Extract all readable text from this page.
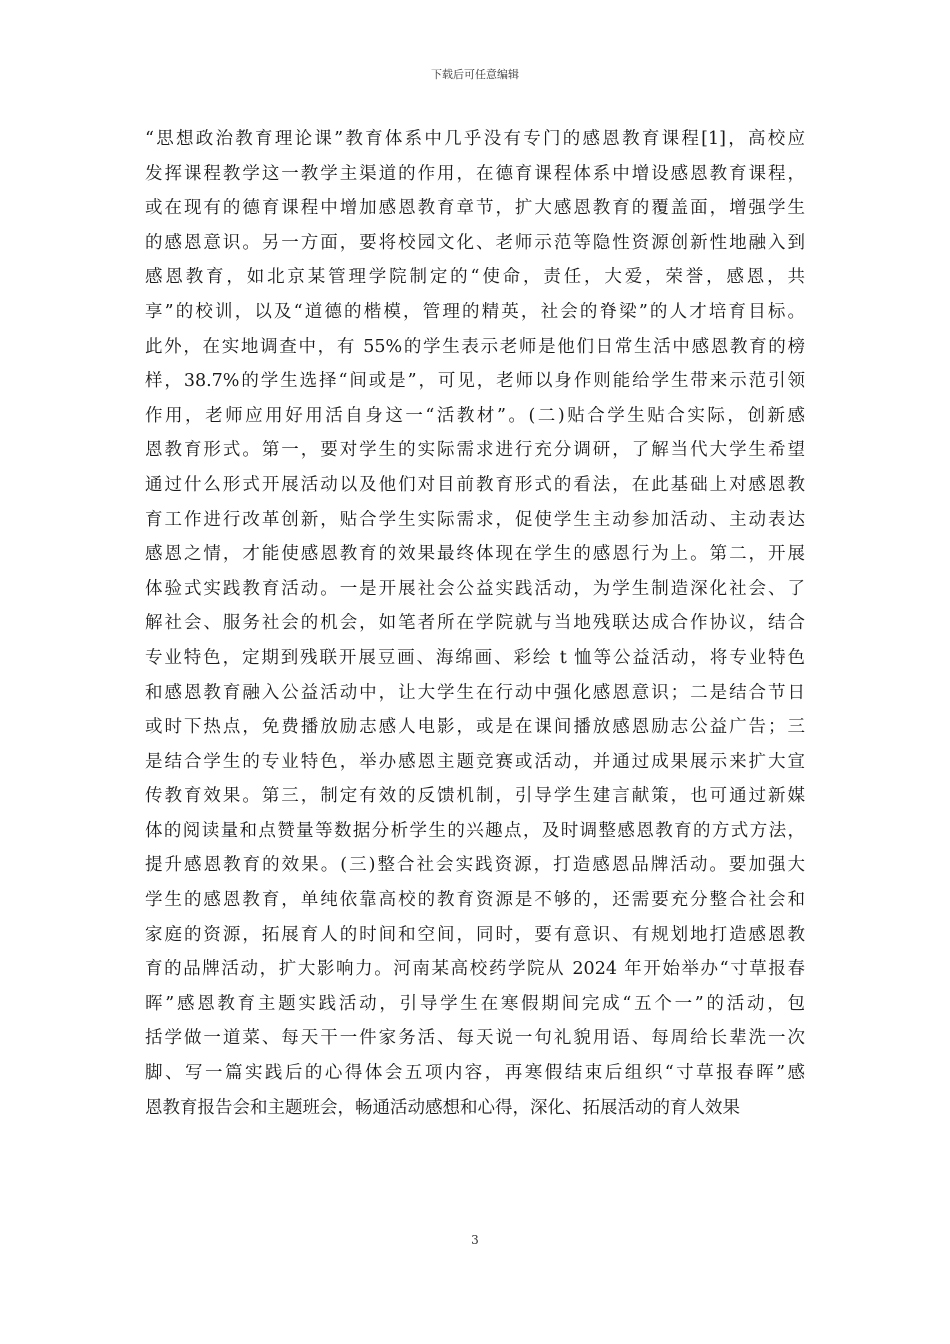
下载后可任意编辑
“思想政治教育理论课”教育体系中几乎没有专门的感恩教育课程[1]，高校应
发挥课程教学这一教学主渠道的作用，在德育课程体系中增设感恩教育课程，
或在现有的德育课程中增加感恩教育章节，扩大感恩教育的覆盖面，增强学生
的感恩意识。另一方面，要将校园文化、老师示范等隐性资源创新性地融入到
感恩教育，如北京某管理学院制定的“使命，责任，大爱，荣誉，感恩，共
享”的校训，以及“道德的楷模，管理的精英，社会的脊梁”的人才培育目标。
此外，在实地调查中，有 55%的学生表示老师是他们日常生活中感恩教育的榜
样，38.7%的学生选择“间或是”，可见，老师以身作则能给学生带来示范引领
作用，老师应用好用活自身这一“活教材”。(二)贴合学生贴合实际，创新感
恩教育形式。第一，要对学生的实际需求进行充分调研，了解当代大学生希望
通过什么形式开展活动以及他们对目前教育形式的看法，在此基础上对感恩教
育工作进行改革创新，贴合学生实际需求，促使学生主动参加活动、主动表达
感恩之情，才能使感恩教育的效果最终体现在学生的感恩行为上。第二，开展
体验式实践教育活动。一是开展社会公益实践活动，为学生制造深化社会、了
解社会、服务社会的机会，如笔者所在学院就与当地残联达成合作协议，结合
专业特色，定期到残联开展豆画、海绵画、彩绘 t 恤等公益活动，将专业特色
和感恩教育融入公益活动中，让大学生在行动中强化感恩意识；二是结合节日
或时下热点，免费播放励志感人电影，或是在课间播放感恩励志公益广告；三
是结合学生的专业特色，举办感恩主题竞赛或活动，并通过成果展示来扩大宣
传教育效果。第三，制定有效的反馈机制，引导学生建言献策，也可通过新媒
体的阅读量和点赞量等数据分析学生的兴趣点，及时调整感恩教育的方式方法，
提升感恩教育的效果。(三)整合社会实践资源，打造感恩品牌活动。要加强大
学生的感恩教育，单纯依靠高校的教育资源是不够的，还需要充分整合社会和
家庭的资源，拓展育人的时间和空间，同时，要有意识、有规划地打造感恩教
育的品牌活动，扩大影响力。河南某高校药学院从 2024 年开始举办“寸草报春
晖”感恩教育主题实践活动，引导学生在寒假期间完成“五个一”的活动，包
括学做一道菜、每天干一件家务活、每天说一句礼貌用语、每周给长辈洗一次
脚、写一篇实践后的心得体会五项内容，再寒假结束后组织“寸草报春晖”感
恩教育报告会和主题班会，畅通活动感想和心得，深化、拓展活动的育人效果
3
